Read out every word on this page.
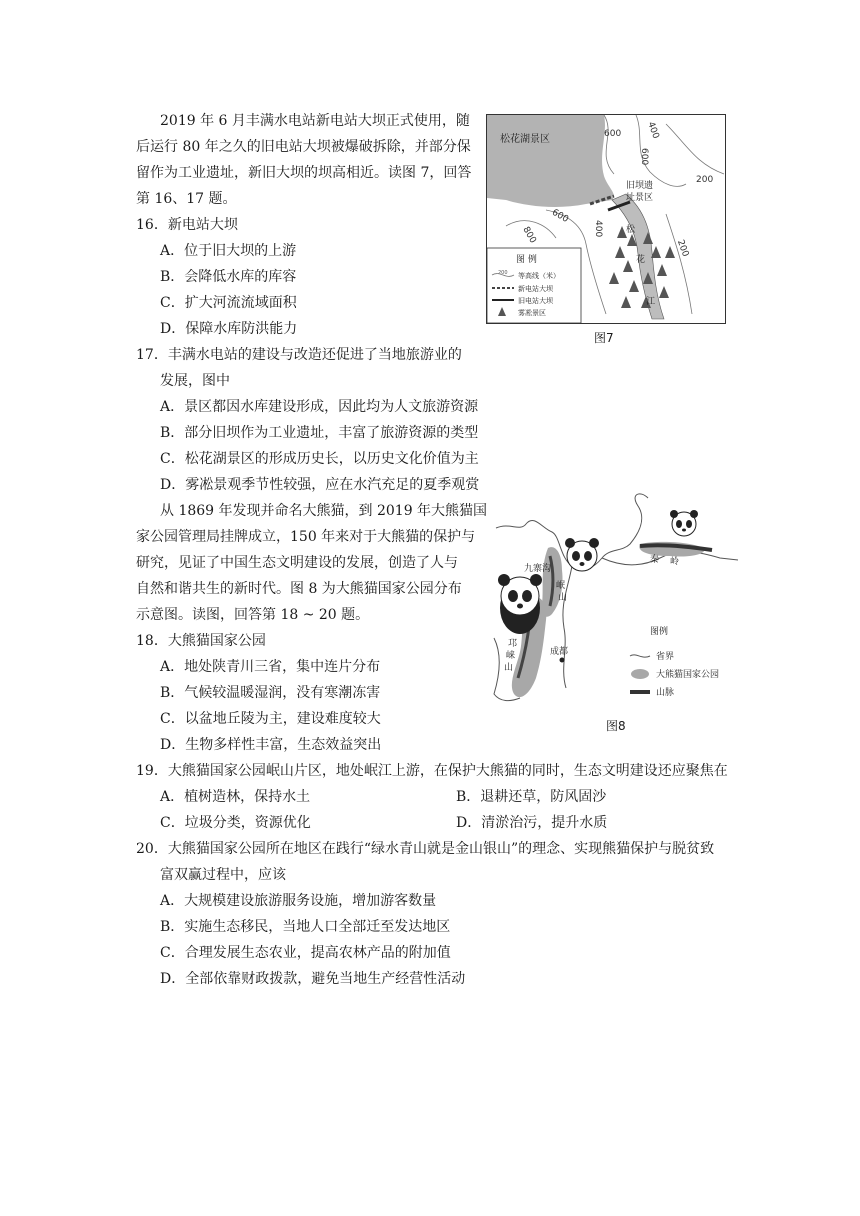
2019 年 6 月丰满水电站新电站大坝正式使用，随
后运行 80 年之久的旧电站大坝被爆破拆除，并部分保
留作为工业遗址，新旧大坝的坝高相近。读图 7，回答
第 16、17 题。
16．新电站大坝
A．位于旧大坝的上游
B．会降低水库的库容
C．扩大河流流域面积
D．保障水库防洪能力
17．丰满水电站的建设与改造还促进了当地旅游业的
发展，图中
A．景区都因水库建设形成，因此均为人文旅游资源
B．部分旧坝作为工业遗址，丰富了旅游资源的类型
C．松花湖景区的形成历史长，以历史文化价值为主
D．雾凇景观季节性较强，应在水汽充足的夏季观赏
从 1869 年发现并命名大熊猫，到 2019 年大熊猫国
家公园管理局挂牌成立，150 年来对于大熊猫的保护与
研究，见证了中国生态文明建设的发展，创造了人与
自然和谐共生的新时代。图 8 为大熊猫国家公园分布
示意图。读图，回答第 18 ~ 20 题。
18．大熊猫国家公园
A．地处陕青川三省，集中连片分布
B．气候较温暖湿润，没有寒潮冻害
C．以盆地丘陵为主，建设难度较大
D．生物多样性丰富，生态效益突出
19．大熊猫国家公园岷山片区，地处岷江上游，在保护大熊猫的同时，生态文明建设还应聚焦在
A．植树造林，保持水土	B．退耕还草，防风固沙
C．垃圾分类，资源优化	D．清淤治污，提升水质
20．大熊猫国家公园所在地区在践行“绿水青山就是金山银山”的理念、实现熊猫保护与脱贫致
富双赢过程中，应该
A．大规模建设旅游服务设施，增加游客数量
B．实施生态移民，当地人口全部迁至发达地区
C．合理发展生态农业，提高农林产品的附加值
D．全部依靠财政拨款，避免当地生产经营性活动
松花湖景区
旧坝遗
址景区
松
花
江
600	400
600
200
600
800	400
200
图 例
200 等高线（米）
新电站大坝
旧电站大坝
雾凇景区
图7
九寨沟
成都
岷
山
邛
崃
山
秦 岭
图例
省界
大熊猫国家公园
山脉
图8
